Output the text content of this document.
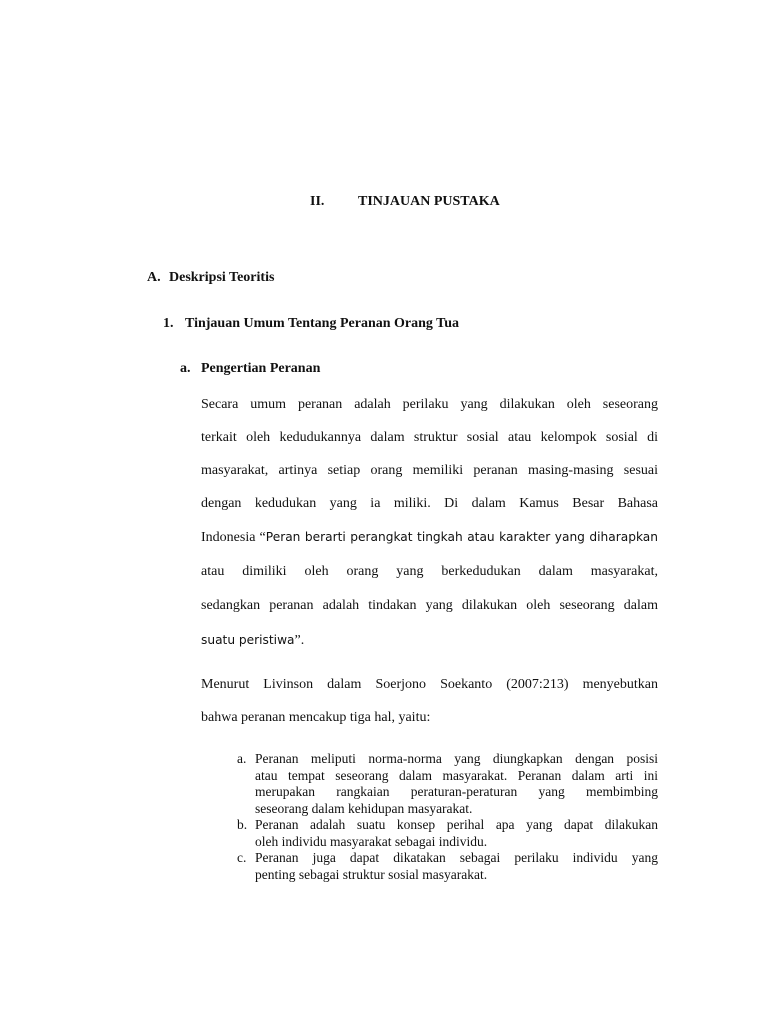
II. TINJAUAN PUSTAKA
A. Deskripsi Teoritis
1. Tinjauan Umum Tentang Peranan Orang Tua
a. Pengertian Peranan
Secara umum peranan adalah perilaku yang dilakukan oleh seseorang
terkait oleh kedudukannya dalam struktur sosial atau kelompok sosial di
masyarakat, artinya setiap orang memiliki peranan masing-masing sesuai
dengan kedudukan yang ia miliki. Di dalam Kamus Besar Bahasa
Indonesia “Peran berarti perangkat tingkah atau karakter yang diharapkan
atau dimiliki oleh orang yang berkedudukan dalam masyarakat,
sedangkan peranan adalah tindakan yang dilakukan oleh seseorang dalam
suatu peristiwa”.
Menurut Livinson dalam Soerjono Soekanto (2007:213) menyebutkan
bahwa peranan mencakup tiga hal, yaitu:
a. Peranan meliputi norma-norma yang diungkapkan dengan posisi
atau tempat seseorang dalam masyarakat. Peranan dalam arti ini
merupakan rangkaian peraturan-peraturan yang membimbing
seseorang dalam kehidupan masyarakat.
b. Peranan adalah suatu konsep perihal apa yang dapat dilakukan
oleh individu masyarakat sebagai individu.
c. Peranan juga dapat dikatakan sebagai perilaku individu yang
penting sebagai struktur sosial masyarakat.
